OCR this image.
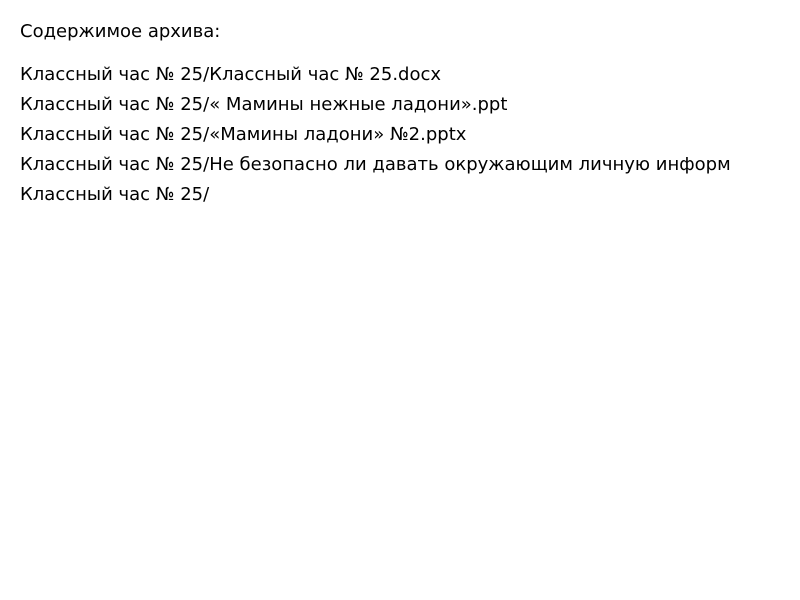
Содержимое архива:
Классный час № 25/Классный час № 25.docx
Классный час № 25/« Мамины нежные ладони».ppt
Классный час № 25/«Мамины ладони» №2.pptx
Классный час № 25/Не безопасно ли давать окружающим личную информ
Классный час № 25/
